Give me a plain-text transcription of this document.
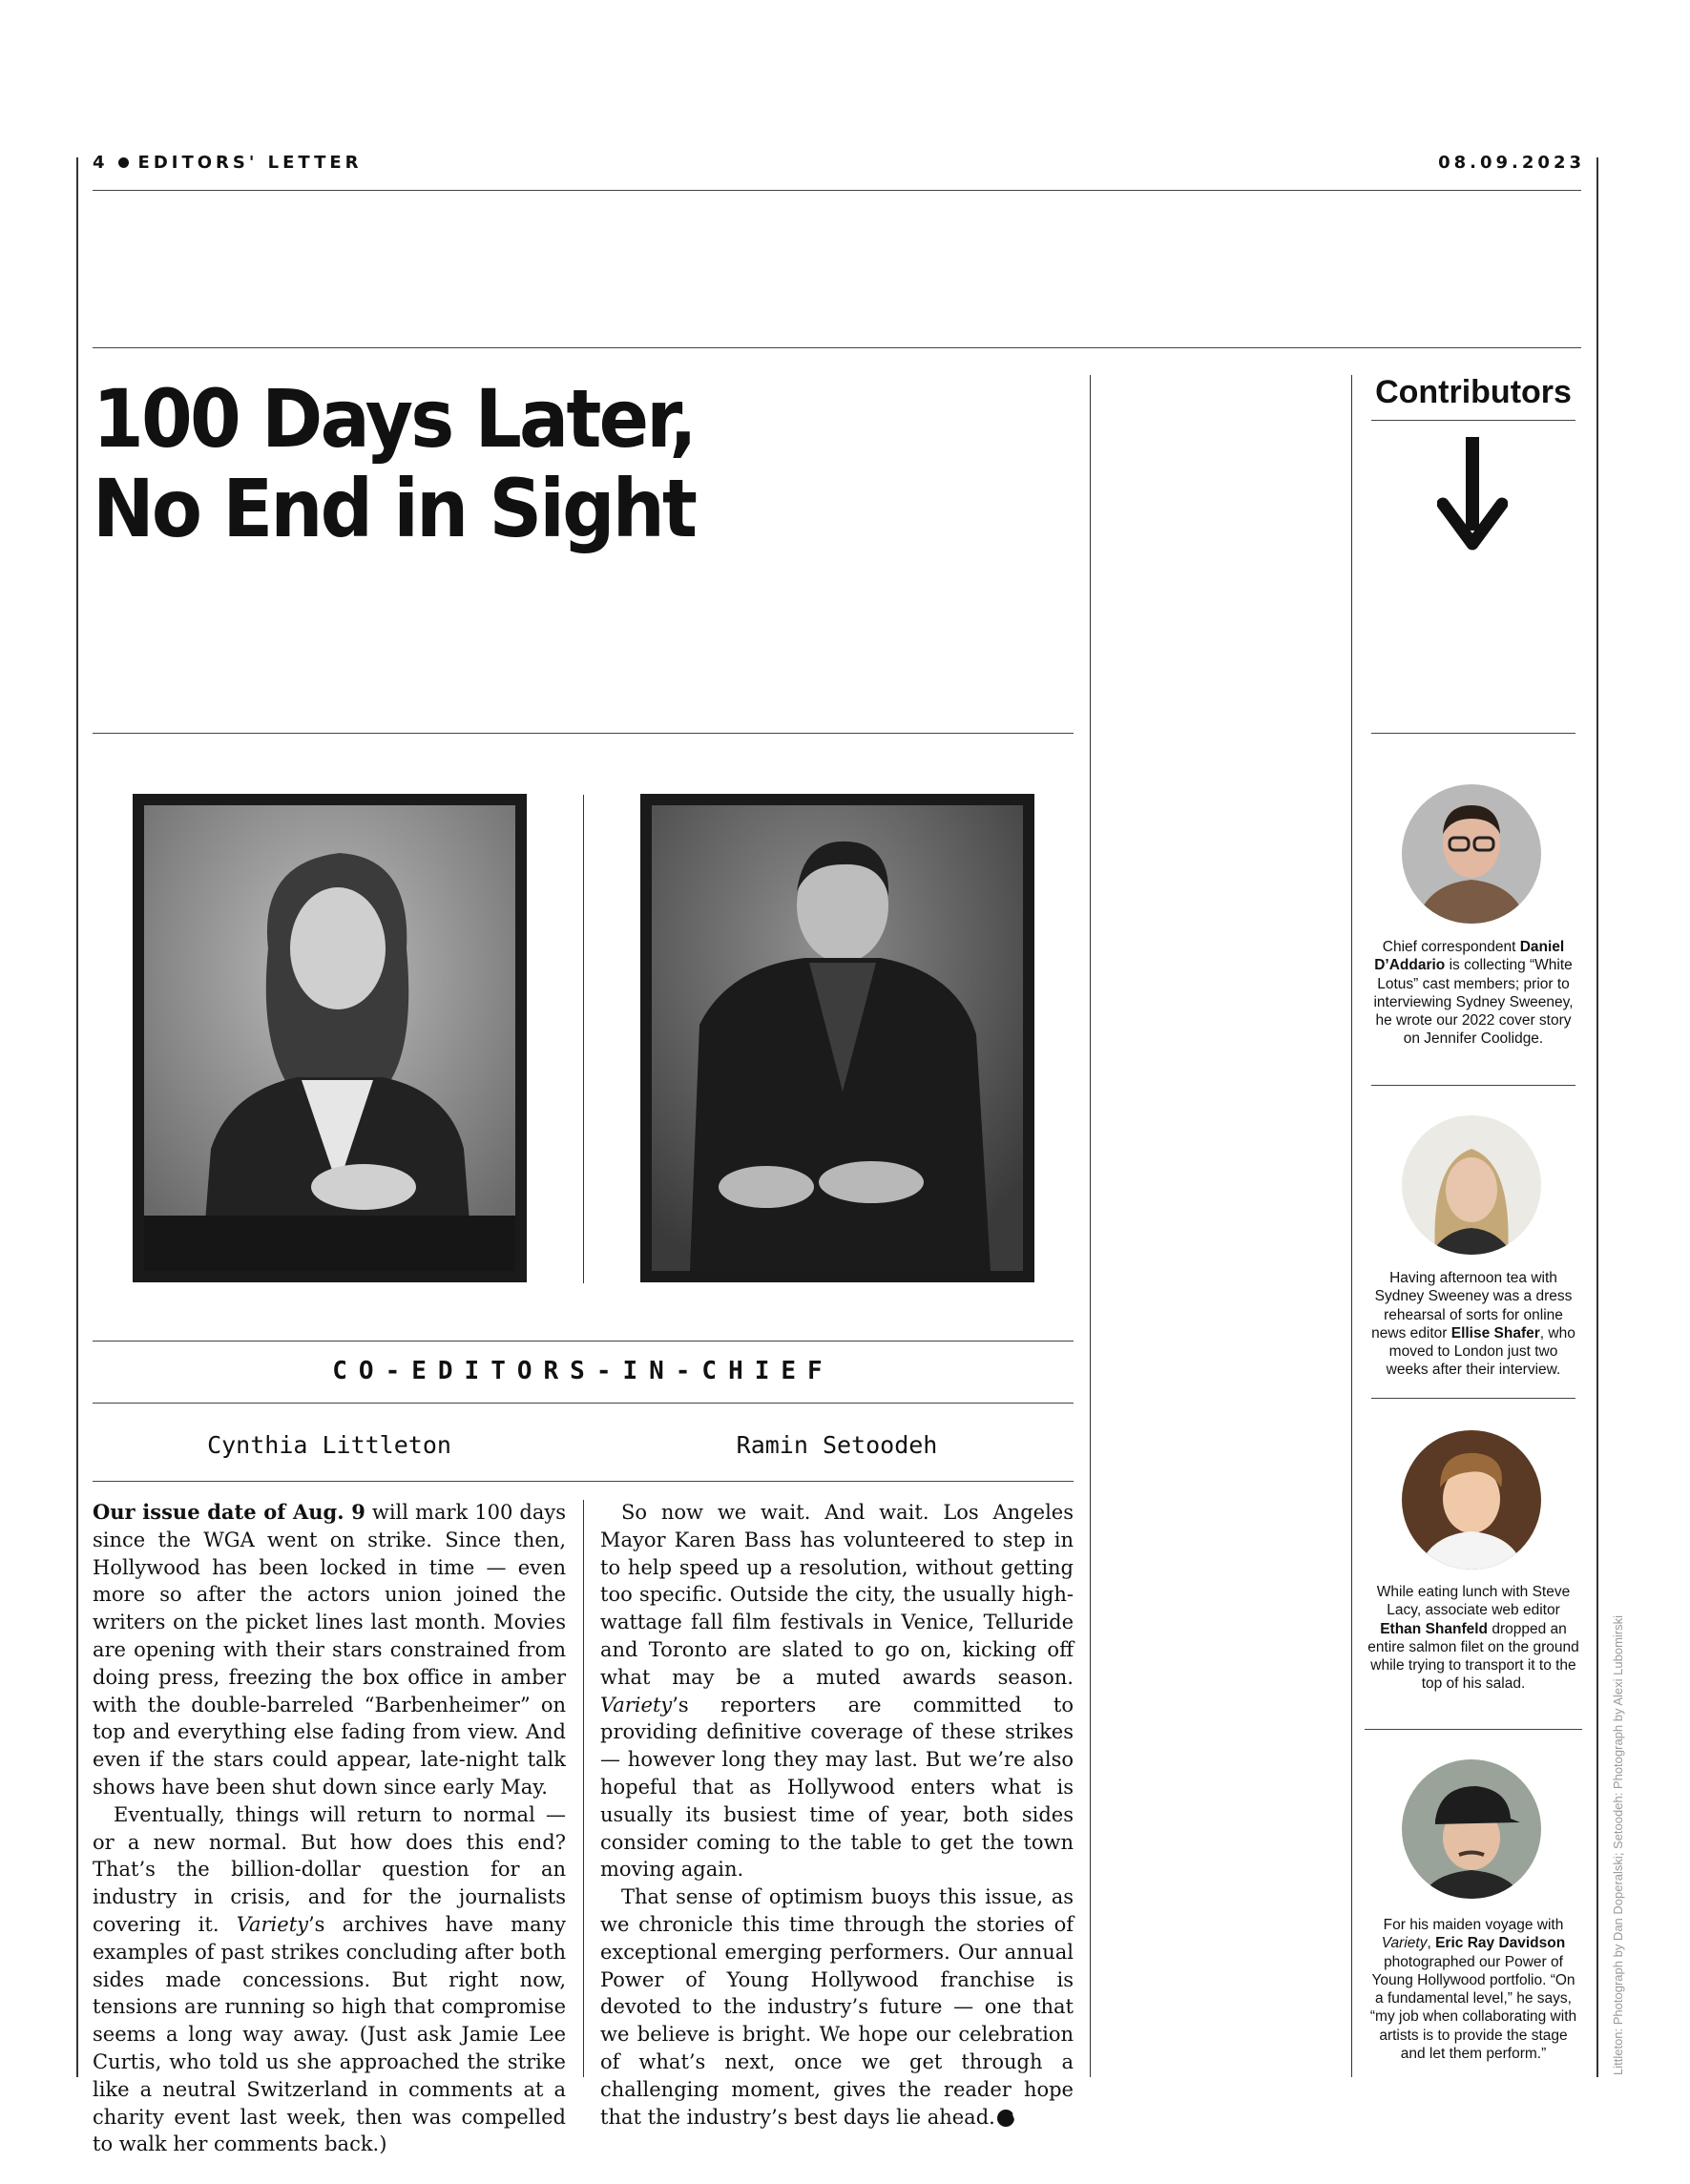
4 EDITORS' LETTER	08.09.2023
100 Days Later,
No End in Sight
CO-EDITORS-IN-CHIEF
Cynthia Littleton	Ramin Setoodeh

Our issue date of Aug. 9 will mark 100 days since the WGA went on strike. Since then, Hollywood has been locked in time — even more so after the actors union joined the writers on the picket lines last month. Movies are opening with their stars constrained from doing press, freezing the box office in amber with the double-barreled “Barbenheimer” on top and everything else fading from view. And even if the stars could appear, late-night talk shows have been shut down since early May.

Eventually, things will return to normal — or a new normal. But how does this end? That’s the billion-dollar question for an industry in crisis, and for the journalists covering it. Variety’s archives have many examples of past strikes concluding after both sides made concessions. But right now, tensions are running so high that compromise seems a long way away. (Just ask Jamie Lee Curtis, who told us she approached the strike like a neutral Switzerland in comments at a charity event last week, then was compelled to walk her comments back.)

So now we wait. And wait. Los Angeles Mayor Karen Bass has volunteered to step in to help speed up a resolution, without getting too specific. Outside the city, the usually high-wattage fall film festivals in Venice, Telluride and Toronto are slated to go on, kicking off what may be a muted awards season. Variety’s reporters are committed to providing definitive coverage of these strikes — however long they may last. But we’re also hopeful that as Hollywood enters what is usually its busiest time of year, both sides consider coming to the table to get the town moving again.

That sense of optimism buoys this issue, as we chronicle this time through the stories of exceptional emerging performers. Our annual Power of Young Hollywood franchise is devoted to the industry’s future — one that we believe is bright. We hope our celebration of what’s next, once we get through a challenging moment, gives the reader hope that the industry’s best days lie ahead. v

Contributors
Chief correspondent Daniel D’Addario is collecting “White Lotus” cast members; prior to interviewing Sydney Sweeney, he wrote our 2022 cover story on Jennifer Coolidge.
Having afternoon tea with Sydney Sweeney was a dress rehearsal of sorts for online news editor Ellise Shafer, who moved to London just two weeks after their interview.
While eating lunch with Steve Lacy, associate web editor Ethan Shanfeld dropped an entire salmon filet on the ground while trying to transport it to the top of his salad.
For his maiden voyage with Variety, Eric Ray Davidson photographed our Power of Young Hollywood portfolio. “On a fundamental level,” he says, “my job when collaborating with artists is to provide the stage and let them perform.”	Littleton: Photograph by Dan Doperalski; Setoodeh: Photograph by Alexi Lubomirski
